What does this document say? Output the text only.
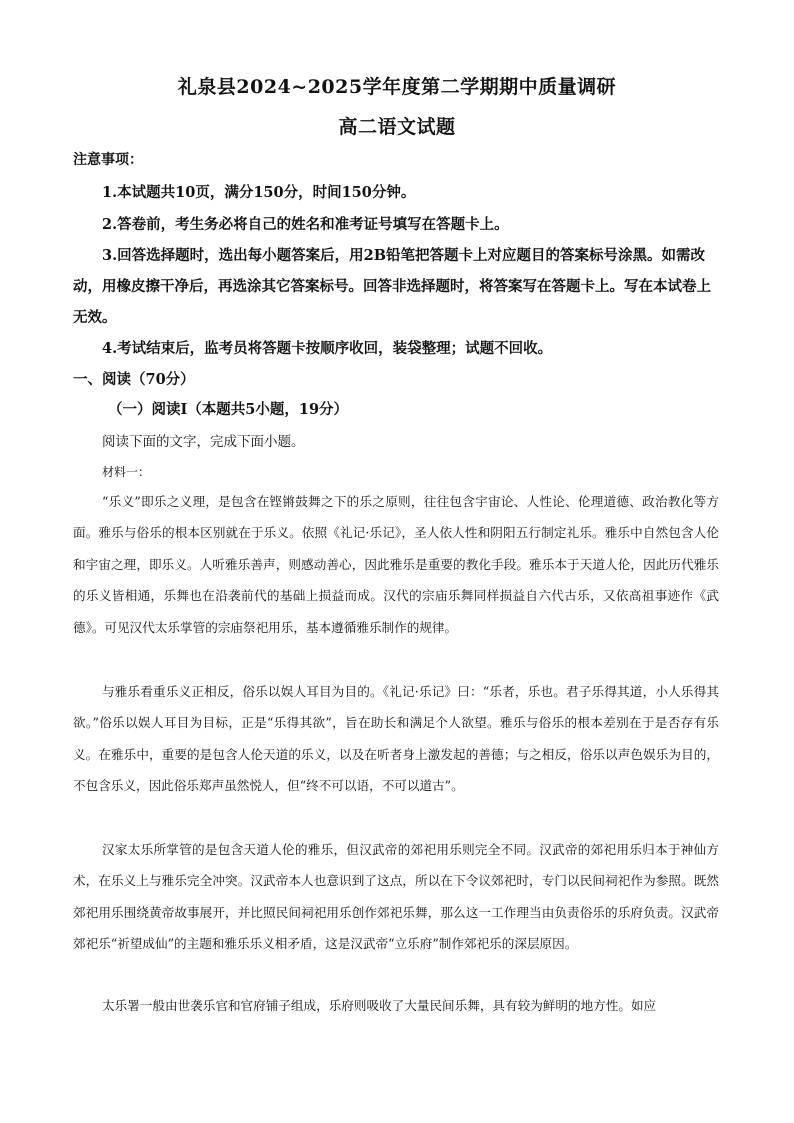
礼泉县2024~2025学年度第二学期期中质量调研
高二语文试题
注意事项：

1.本试题共10页，满分150分，时间150分钟。

2.答卷前，考生务必将自己的姓名和准考证号填写在答题卡上。

3.回答选择题时，选出每小题答案后，用2B铅笔把答题卡上对应题目的答案标号涂黑。如需改动，用橡皮擦干净后，再选涂其它答案标号。回答非选择题时，将答案写在答题卡上。写在本试卷上无效。

4.考试结束后，监考员将答题卡按顺序收回，装袋整理；试题不回收。

一、阅读（70分）
（一）阅读Ⅰ（本题共5小题，19分）
阅读下面的文字，完成下面小题。
材料一：

“乐义”即乐之义理，是包含在铿锵鼓舞之下的乐之原则，往往包含宇宙论、人性论、伦理道德、政治教化等方面。雅乐与俗乐的根本区别就在于乐义。依照《礼记·乐记》，圣人依人性和阴阳五行制定礼乐。雅乐中自然包含人伦和宇宙之理，即乐义。人听雅乐善声，则感动善心，因此雅乐是重要的教化手段。雅乐本于天道人伦，因此历代雅乐的乐义皆相通，乐舞也在沿袭前代的基础上损益而成。汉代的宗庙乐舞同样损益自六代古乐，又依高祖事迹作《武德》。可见汉代太乐掌管的宗庙祭祀用乐，基本遵循雅乐制作的规律。

与雅乐看重乐义正相反，俗乐以娱人耳目为目的。《礼记·乐记》曰：“乐者，乐也。君子乐得其道，小人乐得其欲。”俗乐以娱人耳目为目标，正是“乐得其欲”，旨在助长和满足个人欲望。雅乐与俗乐的根本差别在于是否存有乐义。在雅乐中，重要的是包含人伦天道的乐义，以及在听者身上激发起的善德；与之相反，俗乐以声色娱乐为目的，不包含乐义，因此俗乐郑声虽然悦人，但“终不可以语，不可以道古”。

汉家太乐所掌管的是包含天道人伦的雅乐，但汉武帝的郊祀用乐则完全不同。汉武帝的郊祀用乐归本于神仙方术，在乐义上与雅乐完全冲突。汉武帝本人也意识到了这点，所以在下令议郊祀时，专门以民间祠祀作为参照。既然郊祀用乐围绕黄帝故事展开，并比照民间祠祀用乐创作郊祀乐舞，那么这一工作理当由负责俗乐的乐府负责。汉武帝郊祀乐“祈望成仙”的主题和雅乐乐义相矛盾，这是汉武帝“立乐府”制作郊祀乐的深层原因。

太乐署一般由世袭乐官和官府铺子组成，乐府则吸收了大量民间乐舞，具有较为鲜明的地方性。如应
